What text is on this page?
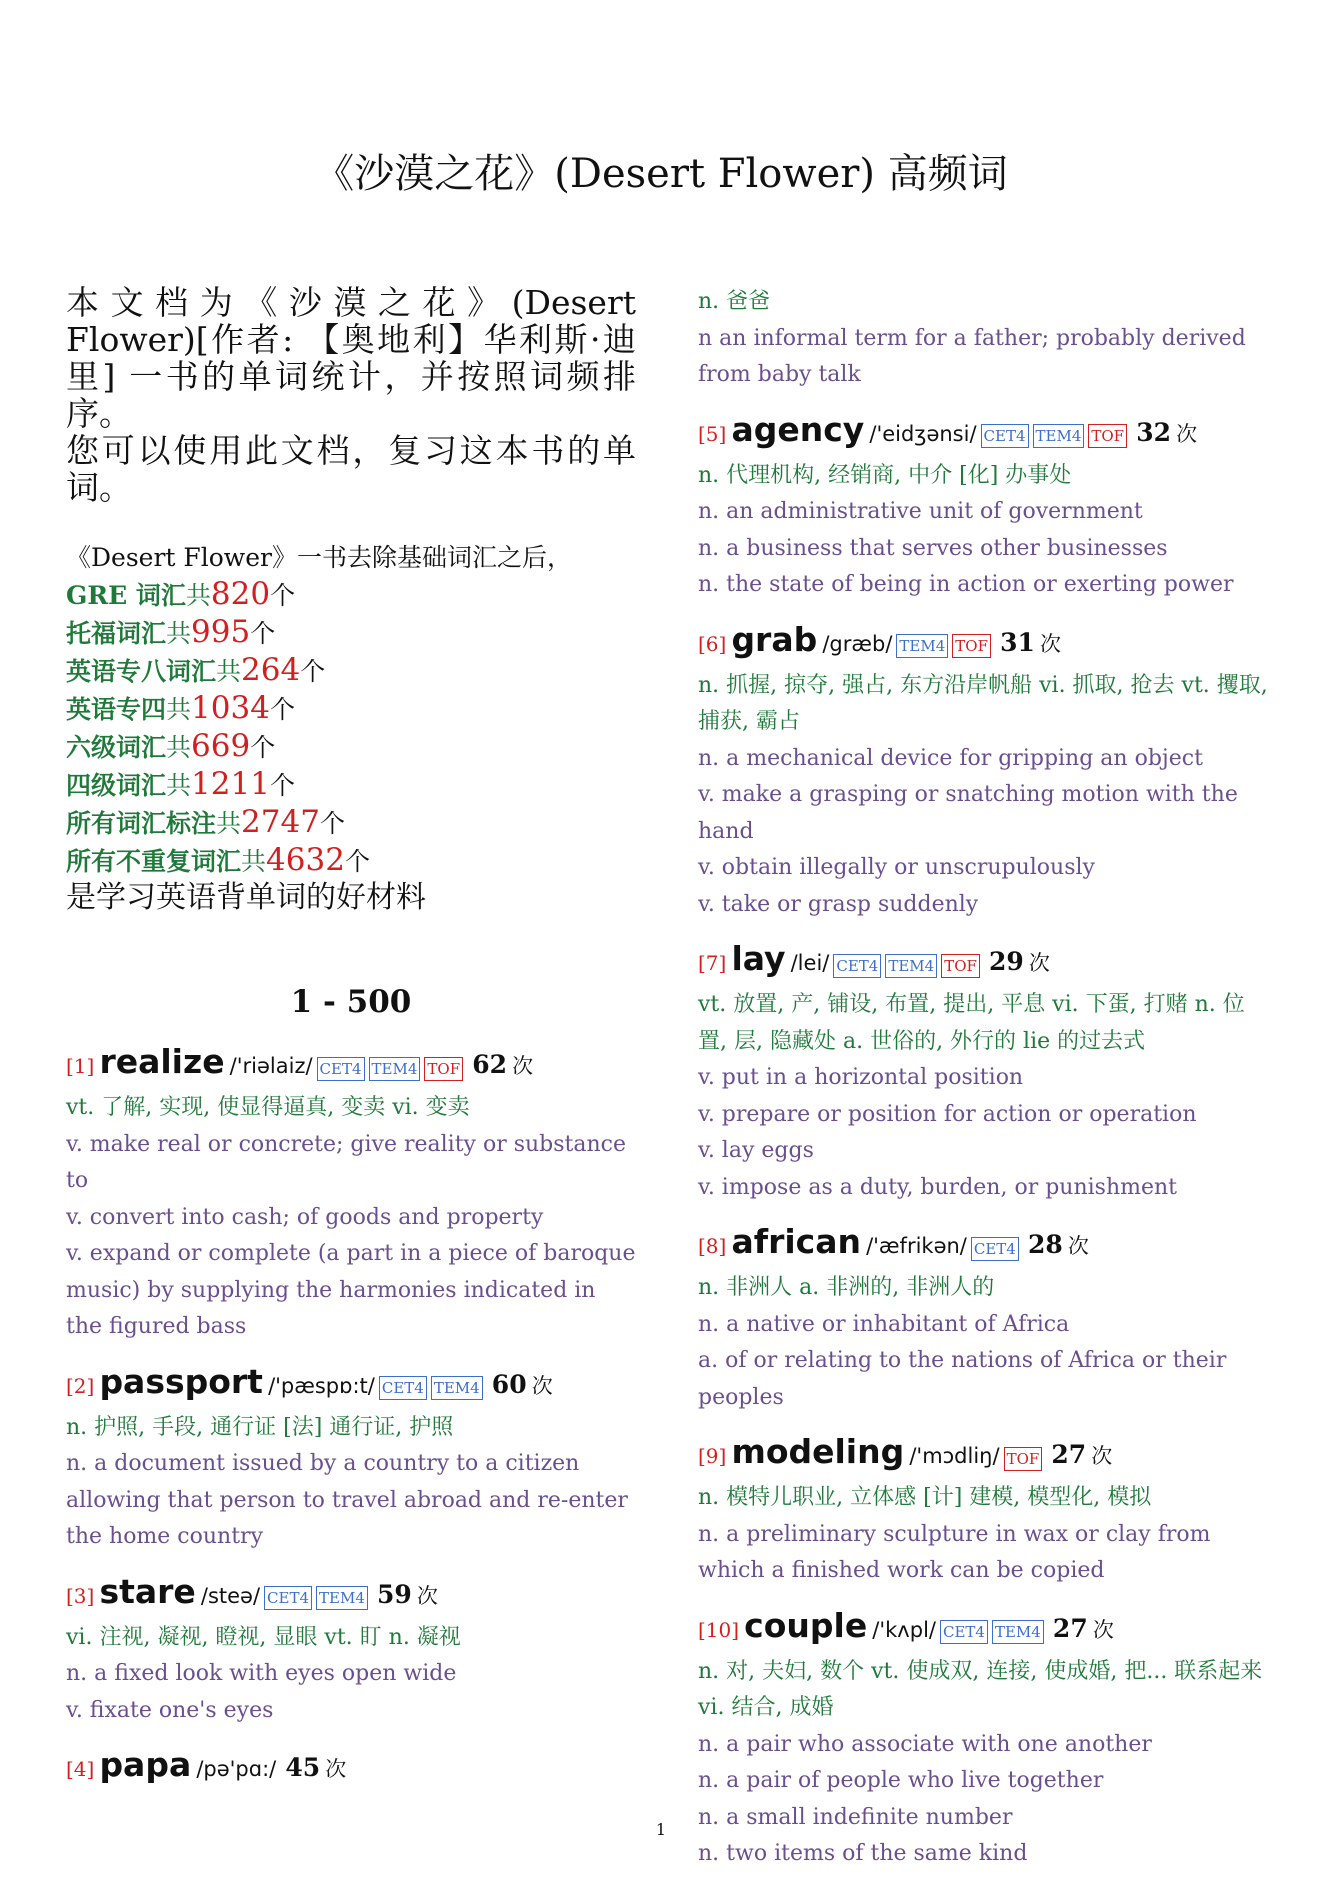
《沙漠之花》(Desert Flower) 高频词

本文档为《沙漠之花》(Desert Flower)[作者: 【奥地利】华利斯·迪里] 一书的单词统计，并按照词频排序。

您可以使用此文档，复习这本书的单词。

《Desert Flower》一书去除基础词汇之后，
GRE 词汇共820个
托福词汇共995个
英语专八词汇共264个
英语专四共1034个
六级词汇共669个
四级词汇共1211个
所有词汇标注共2747个
所有不重复词汇共4632个
是学习英语背单词的好材料
1 - 500
[1] realize /'riəlaiz/ CET4 TEM4 TOF 62 次
vt. 了解, 实现, 使显得逼真, 变卖 vi. 变卖
v. make real or concrete; give reality or substance to
v. convert into cash; of goods and property
v. expand or complete (a part in a piece of baroque music) by supplying the harmonies indicated in the figured bass
[2] passport /'pæspɒ:t/ CET4 TEM4 60 次
n. 护照, 手段, 通行证 [法] 通行证, 护照
n. a document issued by a country to a citizen allowing that person to travel abroad and re-enter the home country
[3] stare /steə/ CET4 TEM4 59 次
vi. 注视, 凝视, 瞪视, 显眼 vt. 盯 n. 凝视
n. a fixed look with eyes open wide
v. fixate one's eyes
[4] papa /pə'pɑ:/ 45 次
n. 爸爸
n an informal term for a father; probably derived from baby talk
[5] agency /'eidʒənsi/ CET4 TEM4 TOF 32 次
n. 代理机构, 经销商, 中介 [化] 办事处
n. an administrative unit of government
n. a business that serves other businesses
n. the state of being in action or exerting power
[6] grab /græb/ TEM4 TOF 31 次
n. 抓握, 掠夺, 强占, 东方沿岸帆船 vi. 抓取, 抢去 vt. 攫取, 捕获, 霸占
n. a mechanical device for gripping an object
v. make a grasping or snatching motion with the hand
v. obtain illegally or unscrupulously
v. take or grasp suddenly
[7] lay /lei/ CET4 TEM4 TOF 29 次
vt. 放置, 产, 铺设, 布置, 提出, 平息 vi. 下蛋, 打赌 n. 位置, 层, 隐藏处 a. 世俗的, 外行的 lie 的过去式
v. put in a horizontal position
v. prepare or position for action or operation
v. lay eggs
v. impose as a duty, burden, or punishment
[8] african /'æfrikən/ CET4 28 次
n. 非洲人 a. 非洲的, 非洲人的
n. a native or inhabitant of Africa
a. of or relating to the nations of Africa or their peoples
[9] modeling /'mɔdliŋ/ TOF 27 次
n. 模特儿职业, 立体感 [计] 建模, 模型化, 模拟
n. a preliminary sculpture in wax or clay from which a finished work can be copied
[10] couple /'kʌpl/ CET4 TEM4 27 次
n. 对, 夫妇, 数个 vt. 使成双, 连接, 使成婚, 把... 联系起来 vi. 结合, 成婚
n. a pair who associate with one another
n. a pair of people who live together
n. a small indefinite number
n. two items of the same kind
1
